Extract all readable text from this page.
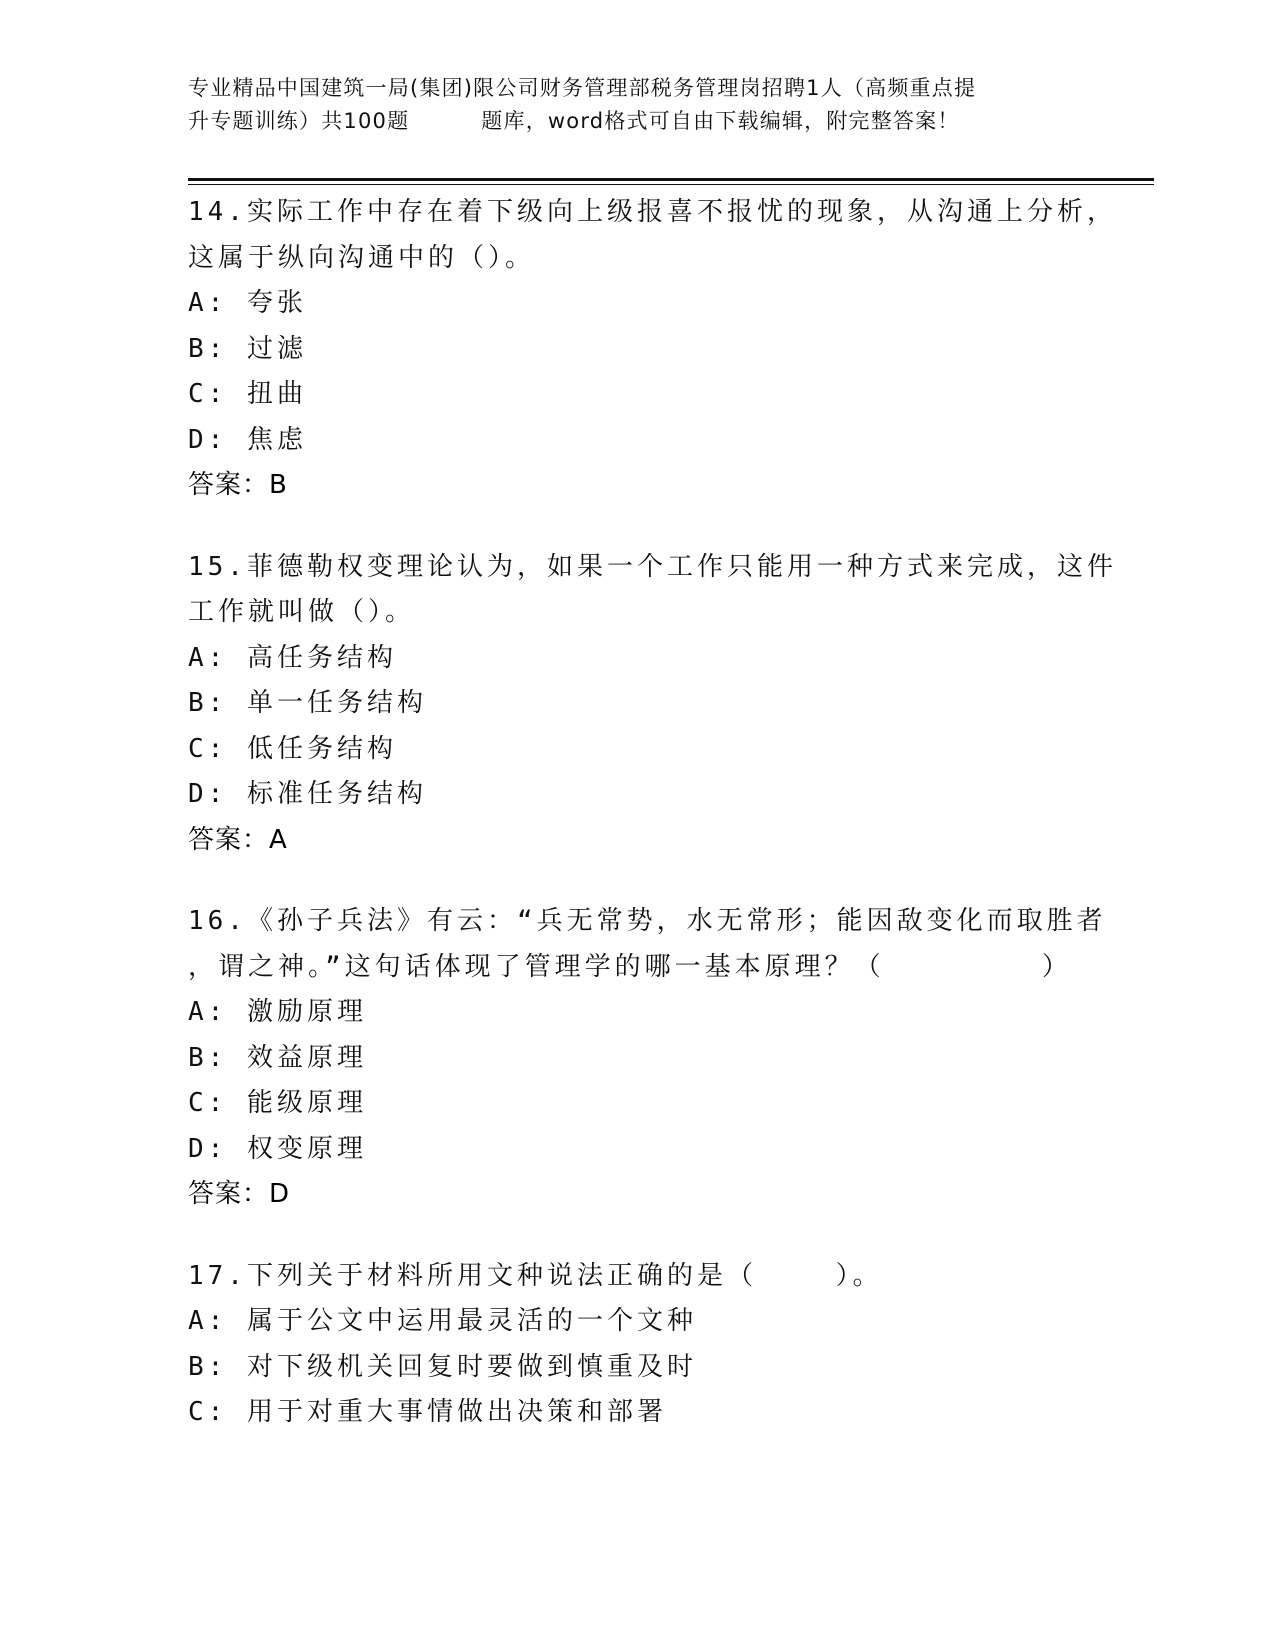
专业精品中国建筑一局(集团)限公司财务管理部税务管理岗招聘1人（高频重点提
升专题训练）共100题	题库，word格式可自由下载编辑，附完整答案！
14.实际工作中存在着下级向上级报喜不报忧的现象，从沟通上分析，
这属于纵向沟通中的（）。
A: 夸张
B: 过滤
C: 扭曲
D: 焦虑
答案：B
15.菲德勒权变理论认为，如果一个工作只能用一种方式来完成，这件
工作就叫做（）。
A: 高任务结构
B: 单一任务结构
C: 低任务结构
D: 标准任务结构
答案：A
16.《孙子兵法》有云：“兵无常势，水无常形；能因敌变化而取胜者
，谓之神。”这句话体现了管理学的哪一基本原理？（        ）
A: 激励原理
B: 效益原理
C: 能级原理
D: 权变原理
答案：D
17.下列关于材料所用文种说法正确的是（    ）。
A: 属于公文中运用最灵活的一个文种
B: 对下级机关回复时要做到慎重及时
C: 用于对重大事情做出决策和部署
